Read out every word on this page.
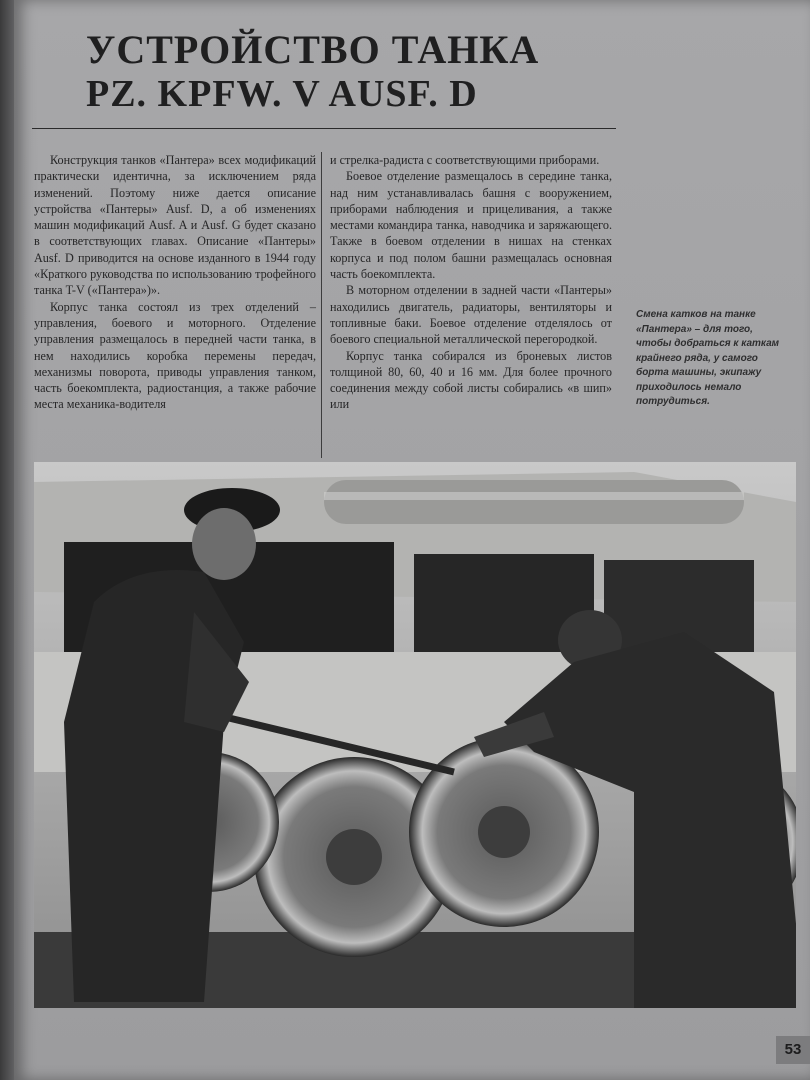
УСТРОЙСТВО ТАНКА
PZ. KPFW. V AUSF. D

Конструкция танков «Пантера» всех модификаций практически идентична, за исключением ряда изменений. Поэтому ниже дается описание устройства «Пантеры» Ausf. D, а об изменениях машин модификаций Ausf. A и Ausf. G будет сказано в соответствующих главах. Описание «Пантеры» Ausf. D приводится на основе изданного в 1944 году «Краткого руководства по использованию трофейного танка T-V («Пантера»)».

Корпус танка состоял из трех отделений – управления, боевого и моторного. Отделение управления размещалось в передней части танка, в нем находились коробка перемены передач, механизмы поворота, приводы управления танком, часть боекомплекта, радиостанция, а также рабочие места механика-водителя

и стрелка-радиста с соответствующими приборами.

Боевое отделение размещалось в середине танка, над ним устанавливалась башня с вооружением, приборами наблюдения и прицеливания, а также местами командира танка, наводчика и заряжающего. Также в боевом отделении в нишах на стенках корпуса и под полом башни размещалась основная часть боекомплекта.

В моторном отделении в задней части «Пантеры» находились двигатель, радиаторы, вентиляторы и топливные баки. Боевое отделение отделялось от боевого специальной металлической перегородкой.

Корпус танка собирался из броневых листов толщиной 80, 60, 40 и 16 мм. Для более прочного соединения между собой листы собирались «в шип» или

Смена катков на танке «Пантера» – для того, чтобы добраться к каткам крайнего ряда, у самого борта машины, экипажу приходилось немало потрудиться.

53
